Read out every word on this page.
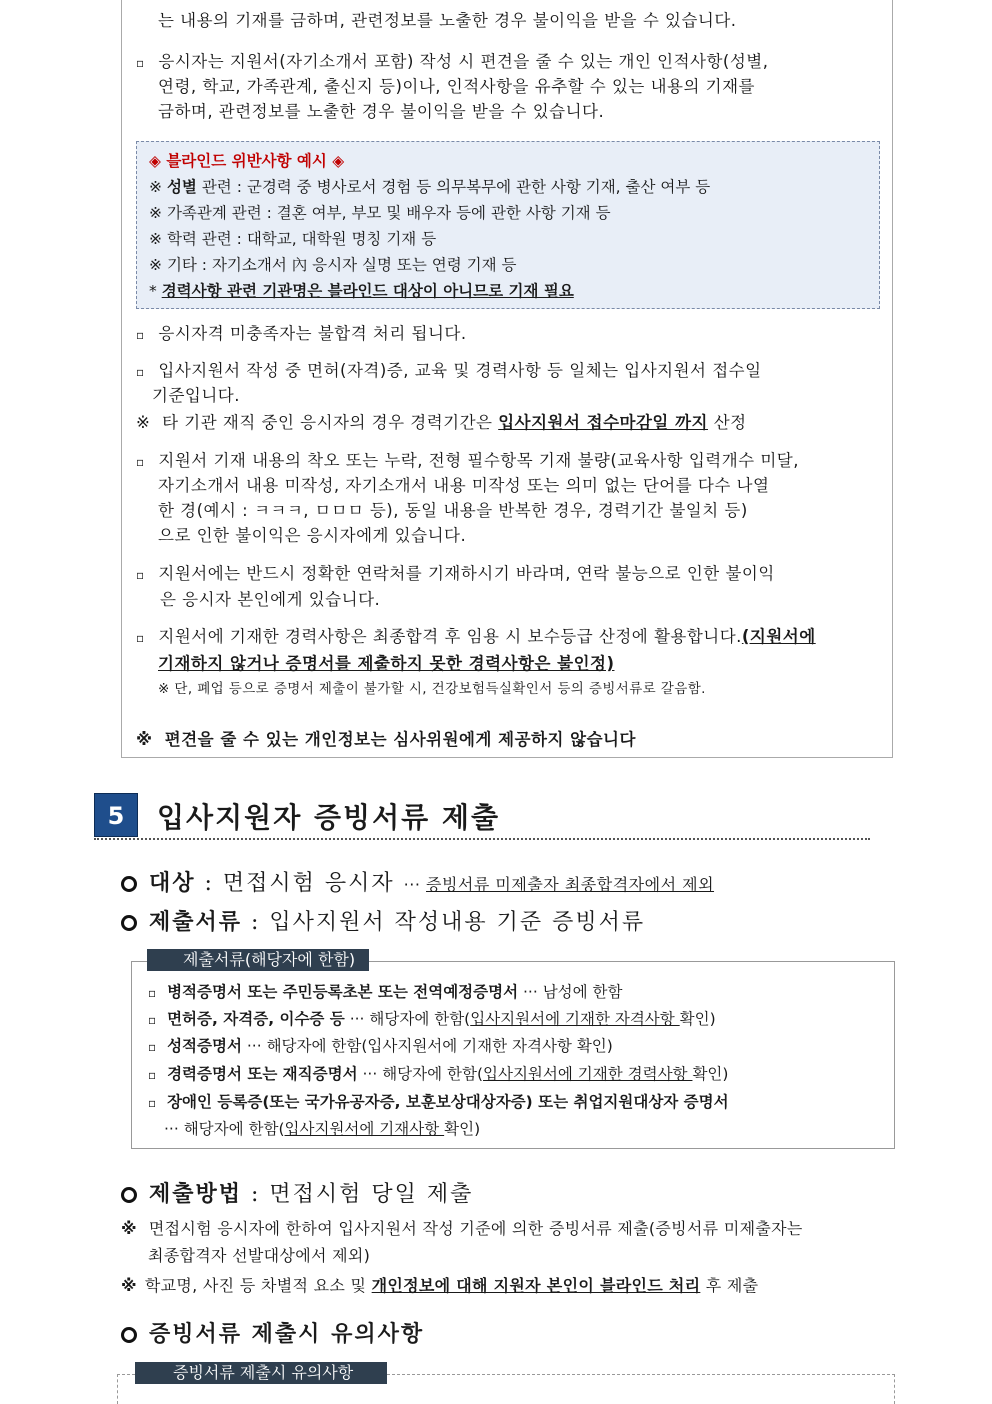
는 내용의 기재를 금하며, 관련정보를 노출한 경우 불이익을 받을 수 있습니다.
▫ 응시자는 지원서(자기소개서 포함) 작성 시 편견을 줄 수 있는 개인 인적사항(성별,
연령, 학교, 가족관계, 출신지 등)이나, 인적사항을 유추할 수 있는 내용의 기재를
금하며, 관련정보를 노출한 경우 불이익을 받을 수 있습니다.
◈ 블라인드 위반사항 예시 ◈
※ 성별 관련 : 군경력 중 병사로서 경험 등 의무복무에 관한 사항 기재, 출산 여부 등
※ 가족관계 관련 : 결혼 여부, 부모 및 배우자 등에 관한 사항 기재 등
※ 학력 관련 : 대학교, 대학원 명칭 기재 등
※ 기타 : 자기소개서 內 응시자 실명 또는 연령 기재 등
* 경력사항 관련 기관명은 블라인드 대상이 아니므로 기재 필요
▫ 응시자격 미충족자는 불합격 처리 됩니다.
▫ 입사지원서 작성 중 면허(자격)증, 교육 및 경력사항 등 일체는 입사지원서 접수일
기준입니다.
※ 타 기관 재직 중인 응시자의 경우 경력기간은 입사지원서 접수마감일 까지 산정
▫ 지원서 기재 내용의 착오 또는 누락, 전형 필수항목 기재 불량(교육사항 입력개수 미달,
자기소개서 내용 미작성, 자기소개서 내용 미작성 또는 의미 없는 단어를 다수 나열
한 경(예시 : ㅋㅋㅋ, ㅁㅁㅁ 등), 동일 내용을 반복한 경우, 경력기간 불일치 등)
으로 인한 불이익은 응시자에게 있습니다.
▫ 지원서에는 반드시 정확한 연락처를 기재하시기 바라며, 연락 불능으로 인한 불이익
은 응시자 본인에게 있습니다.
▫ 지원서에 기재한 경력사항은 최종합격 후 임용 시 보수등급 산정에 활용합니다.(지원서에
기재하지 않거나 증명서를 제출하지 못한 경력사항은 불인정)
※ 단, 폐업 등으로 증명서 제출이 불가할 시, 건강보험득실확인서 등의 증빙서류로 갈음함.
※ 편견을 줄 수 있는 개인정보는 심사위원에게 제공하지 않습니다
5	입사지원자 증빙서류 제출
대상 : 면접시험 응시자 ··· 증빙서류 미제출자 최종합격자에서 제외
제출서류 : 입사지원서 작성내용 기준 증빙서류
▫ 병적증명서 또는 주민등록초본 또는 전역예정증명서 ··· 남성에 한함
▫ 면허증, 자격증, 이수증 등 ··· 해당자에 한함(입사지원서에 기재한 자격사항 확인)
▫ 성적증명서 ··· 해당자에 한함(입사지원서에 기재한 자격사항 확인)
▫ 경력증명서 또는 재직증명서 ··· 해당자에 한함(입사지원서에 기재한 경력사항 확인)
▫ 장애인 등록증(또는 국가유공자증, 보훈보상대상자증) 또는 취업지원대상자 증명서
··· 해당자에 한함(입사지원서에 기재사항 확인)
제출서류(해당자에 한함)
제출방법 : 면접시험 당일 제출
※ 면접시험 응시자에 한하여 입사지원서 작성 기준에 의한 증빙서류 제출(증빙서류 미제출자는
최종합격자 선발대상에서 제외)
※ 학교명, 사진 등 차별적 요소 및 개인정보에 대해 지원자 본인이 블라인드 처리 후 제출
증빙서류 제출시 유의사항
증빙서류 제출시 유의사항
